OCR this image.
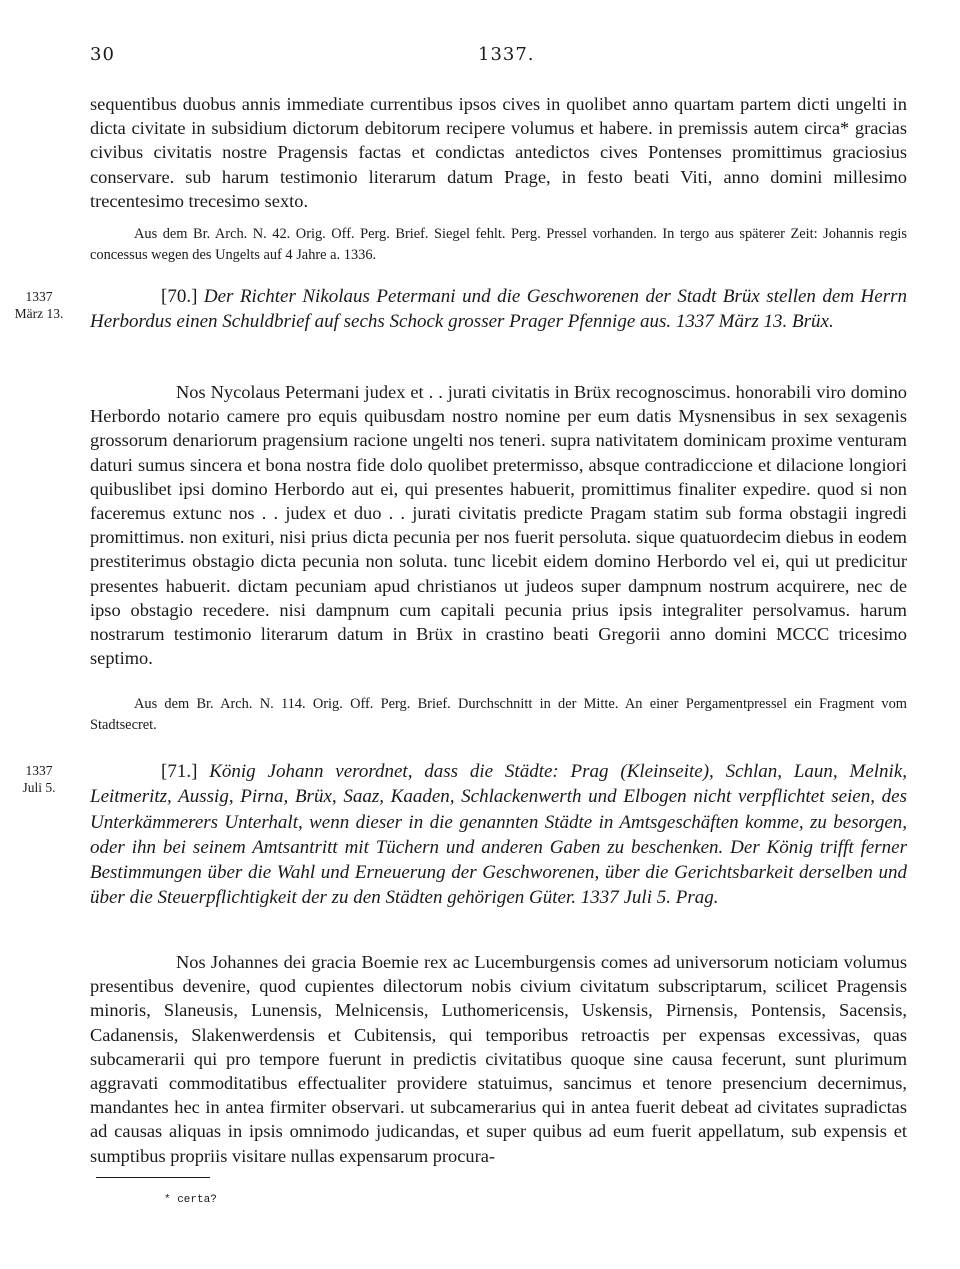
30	1337.

sequentibus duobus annis immediate currentibus ipsos cives in quolibet anno quartam partem dicti ungelti in dicta civitate in subsidium dictorum debitorum recipere volumus et habere. in premissis autem circa* gracias civibus civitatis nostre Pragensis factas et condictas antedictos cives Pontenses promittimus graciosius conservare. sub harum testimonio literarum datum Prage, in festo beati Viti, anno domini millesimo trecentesimo trecesimo sexto.

Aus dem Br. Arch. N. 42. Orig. Off. Perg. Brief. Siegel fehlt. Perg. Pressel vorhanden. In tergo aus späterer Zeit: Johannis regis concessus wegen des Ungelts auf 4 Jahre a. 1336.

1337
März 13.

[70.] Der Richter Nikolaus Petermani und die Geschworenen der Stadt Brüx stellen dem Herrn Herbordus einen Schuldbrief auf sechs Schock grosser Prager Pfennige aus. 1337 März 13. Brüx.

Nos Nycolaus Petermani judex et . . jurati civitatis in Brüx recognoscimus. honorabili viro domino Herbordo notario camere pro equis quibusdam nostro nomine per eum datis Mysnensibus in sex sexagenis grossorum denariorum pragensium racione ungelti nos teneri. supra nativitatem dominicam proxime venturam daturi sumus sincera et bona nostra fide dolo quolibet pretermisso, absque contradiccione et dilacione longiori quibuslibet ipsi domino Herbordo aut ei, qui presentes habuerit, promittimus finaliter expedire. quod si non faceremus extunc nos . . judex et duo . . jurati civitatis predicte Pragam statim sub forma obstagii ingredi promittimus. non exituri, nisi prius dicta pecunia per nos fuerit persoluta. sique quatuordecim diebus in eodem prestiterimus obstagio dicta pecunia non soluta. tunc licebit eidem domino Herbordo vel ei, qui ut predicitur presentes habuerit. dictam pecuniam apud christianos ut judeos super dampnum nostrum acquirere, nec de ipso obstagio recedere. nisi dampnum cum capitali pecunia prius ipsis integraliter persolvamus. harum nostrarum testimonio literarum datum in Brüx in crastino beati Gregorii anno domini MCCC tricesimo septimo.

Aus dem Br. Arch. N. 114. Orig. Off. Perg. Brief. Durchschnitt in der Mitte. An einer Pergamentpressel ein Fragment vom Stadtsecret.

1337
Juli 5.

[71.] König Johann verordnet, dass die Städte: Prag (Kleinseite), Schlan, Laun, Melnik, Leitmeritz, Aussig, Pirna, Brüx, Saaz, Kaaden, Schlackenwerth und Elbogen nicht verpflichtet seien, des Unterkämmerers Unterhalt, wenn dieser in die genannten Städte in Amtsgeschäften komme, zu besorgen, oder ihn bei seinem Amtsantritt mit Tüchern und anderen Gaben zu beschenken. Der König trifft ferner Bestimmungen über die Wahl und Erneuerung der Geschworenen, über die Gerichtsbarkeit derselben und über die Steuerpflichtigkeit der zu den Städten gehörigen Güter. 1337 Juli 5. Prag.

Nos Johannes dei gracia Boemie rex ac Lucemburgensis comes ad universorum noticiam volumus presentibus devenire, quod cupientes dilectorum nobis civium civitatum subscriptarum, scilicet Pragensis minoris, Slaneusis, Lunensis, Melnicensis, Luthomericensis, Uskensis, Pirnensis, Pontensis, Sacensis, Cadanensis, Slakenwerdensis et Cubitensis, qui temporibus retroactis per expensas excessivas, quas subcamerarii qui pro tempore fuerunt in predictis civitatibus quoque sine causa fecerunt, sunt plurimum aggravati commoditatibus effectualiter providere statuimus, sancimus et tenore presencium decernimus, mandantes hec in antea firmiter observari. ut subcamerarius qui in antea fuerit debeat ad civitates supradictas ad causas aliquas in ipsis omnimodo judicandas, et super quibus ad eum fuerit appellatum, sub expensis et sumptibus propriis visitare nullas expensarum procura-

* certa?
